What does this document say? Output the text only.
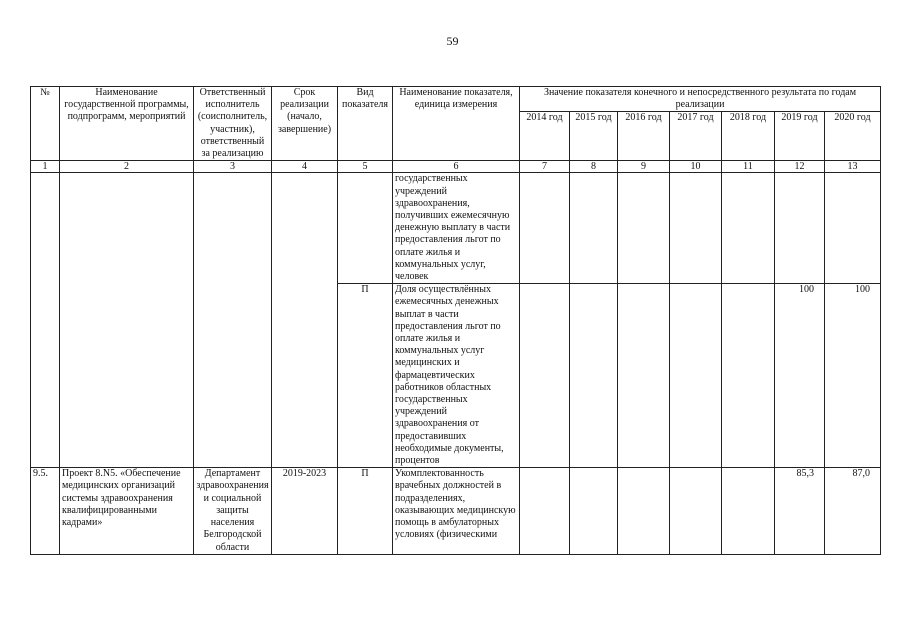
59
№	Наименование государственной программы, подпрограмм, мероприятий	Ответственный исполнитель (соисполнитель, участник), ответственный за реализацию	Срок реализации (начало, завершение)	Вид показателя	Наименование показателя, единица измерения	Значение показателя конечного и непосредственного результата по годам реализации						
						2014 год	2015 год	2016 год	2017 год	2018 год	2019 год	2020 год
1	2	3	4	5	6	7	8	9	10	11	12	13
					государственных учреждений здравоохранения, получивших ежемесячную денежную выплату в части предоставления льгот по оплате жилья и коммунальных услуг, человек							
				П	Доля осуществлённых ежемесячных денежных выплат в части предоставления льгот по оплате жилья и коммунальных услуг медицинских и фармацевтических работников областных государственных учреждений здравоохранения от предоставивших необходимые документы, процентов						100	100
9.5.	Проект 8.N5. «Обеспечение медицинских организаций системы здравоохранения квалифицированными кадрами»	Департамент здравоохранения и социальной защиты населения Белгородской области	2019-2023	П	Укомплектованность врачебных должностей в подразделениях, оказывающих медицинскую помощь в амбулаторных условиях (физическими						85,3	87,0
